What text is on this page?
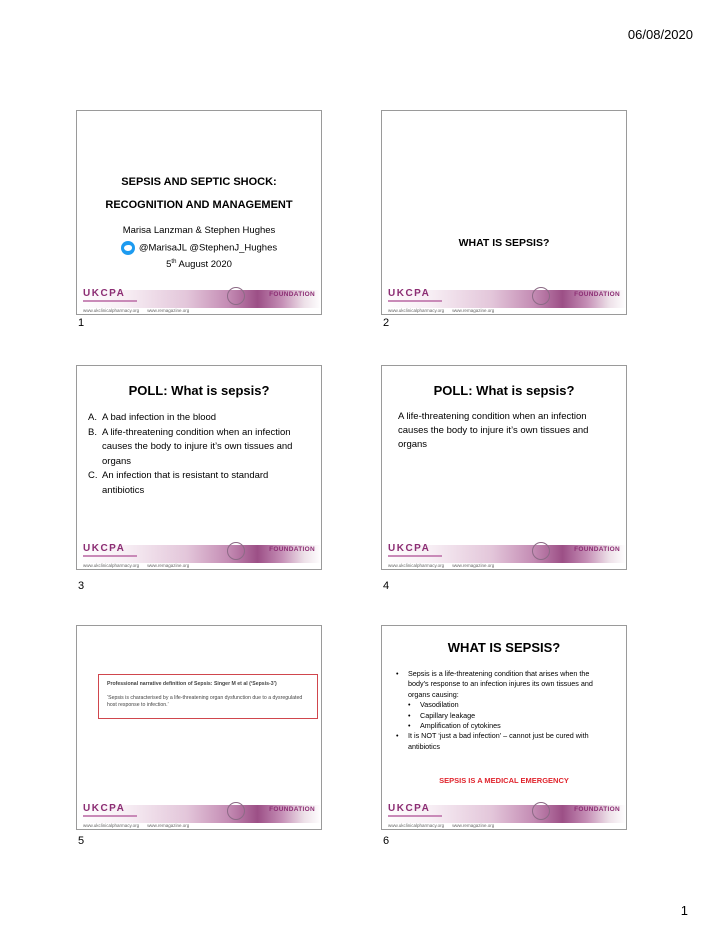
06/08/2020
SEPSIS AND SEPTIC SHOCK:
RECOGNITION AND MANAGEMENT
Marisa Lanzman & Stephen Hughes
@MarisaJL @StephenJ_Hughes
5th August 2020
UKCPA	FOUNDATION
www.ukclinicalpharmacy.org www.remagazine.org
1
WHAT IS SEPSIS?
UKCPA	FOUNDATION
www.ukclinicalpharmacy.org www.remagazine.org
2
POLL: What is sepsis?
A. A bad infection in the blood
B. A life-threatening condition when an infection causes the body to injure it’s own tissues and organs
C. An infection that is resistant to standard antibiotics
UKCPA	FOUNDATION
www.ukclinicalpharmacy.org www.remagazine.org
3
POLL: What is sepsis?
A life-threatening condition when an infection causes the body to injure it’s own tissues and organs
UKCPA	FOUNDATION
www.ukclinicalpharmacy.org www.remagazine.org
4
Professional narrative definition of Sepsis: Singer M et al (‘Sepsis-3’)
‘Sepsis is characterised by a life-threatening organ dysfunction due to a dysregulated host response to infection.’
UKCPA	FOUNDATION
www.ukclinicalpharmacy.org www.remagazine.org
5
WHAT IS SEPSIS?
• Sepsis is a life-threatening condition that arises when the body’s response to an infection injures its own tissues and organs causing:
• Vasodilation
• Capillary leakage
• Amplification of cytokines
• It is NOT ‘just a bad infection’ – cannot just be cured with antibiotics
SEPSIS IS A MEDICAL EMERGENCY
UKCPA	FOUNDATION
www.ukclinicalpharmacy.org www.remagazine.org
6
1
